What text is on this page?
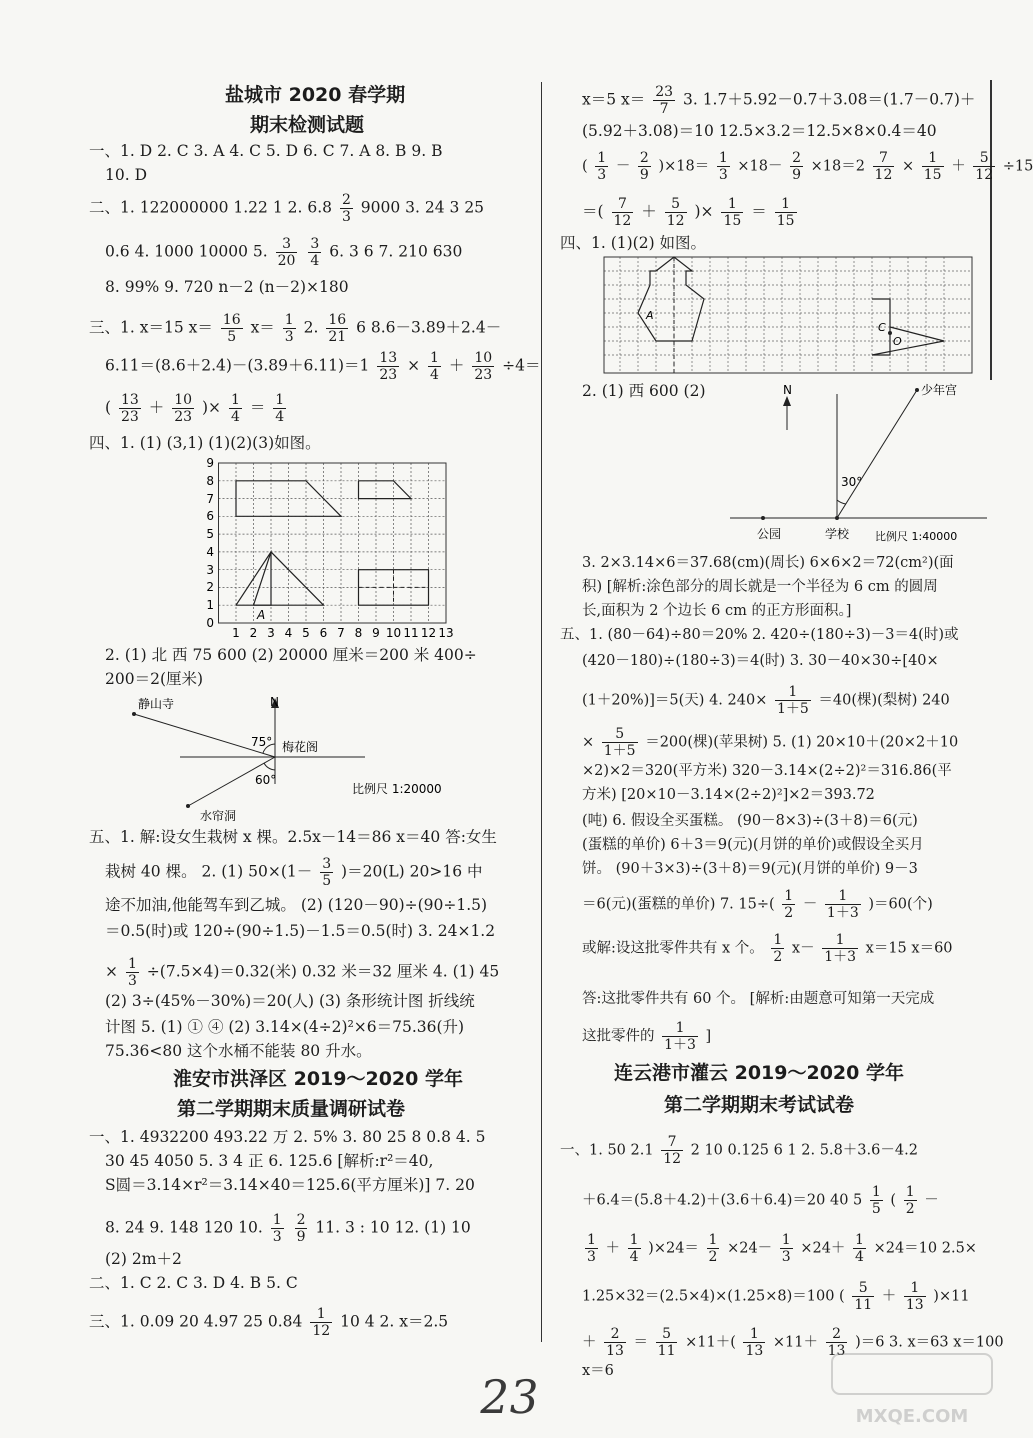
盐城市 2020 春学期
期末检测试题
一、1. D 2. C 3. A 4. C 5. D 6. C 7. A 8. B 9. B
10. D
二、1. 122000000 1.22 1 2. $6.8 \frac{2}{3} 9000$ 3. 24 3 25
0.6 4. 1000 10000 5. $\frac{3}{20}$
$\frac{3}{4} 6$. 3 6 7. 210 630
8. 99% 9. 720 n－2 (n－2)×180
三、1. x＝15 $x= \frac{16}{5} x= \frac{1}{3} 2$. $\frac{16}{21} 6$ 8.6－3.89＋2.4－
$6.11=(8.6+2.4)-(3.89+6.11)=1 \frac{13}{23} \times \frac{1}{4} + \frac{10}{23} \div 4=$
( $\frac{13}{23} + \frac{10}{23}$ )× $\frac{1}{4} = \frac{1}{4}$
四、1. (1) (3,1) (1)(2)(3)如图。
A
9
8
7
6
5
4
3
2
1
0
1 2 3 4 5 6 7 8 9 10 11 12 13
2. (1) 北 西 75 600 (2) 20000 厘米＝200 米 400÷
200＝2(厘米)
N
静山寺
梅花阁
水帘洞
75°
60°
比例尺 1:20000
五、1. 解:设女生栽树 x 棵。2.5x－14＝86 x＝40 答:女生
栽树 40 棵。 2. (1) $50\times(1- \frac{3}{5} )=20(L)$ 20>16 中
途不加油,他能驾车到乙城。 (2) (120－90)÷(90÷1.5)
＝0.5(时)或 120÷(90÷1.5)－1.5＝0.5(时) 3. 24×1.2
× $\frac{1}{3} \div(7.5\times 4)=0.32$(米) 0.32 米＝32 厘米 4. (1) 45
(2) 3÷(45%－30%)＝20(人) (3) 条形统计图 折线统
计图 5. (1) ① ④ (2) 3.14×(4÷2)²×6＝75.36(升)
75.36<80 这个水桶不能装 80 升水。
淮安市洪泽区 2019～2020 学年
第二学期期末质量调研试卷
一、1. 4932200 493.22 万 2. 5% 3. 80 25 8 0.8 4. 5
30 45 4050 5. 3 4 正 6. 125.6 [解析:r²＝40,
S圆＝3.14×r²＝3.14×40＝125.6(平方厘米)] 7. 20
8. 24 9. 148 120 10. $\frac{1}{3}$
$\frac{2}{9} 11$. 3 : 10 12. (1) 10
(2) 2m＋2
二、1. C 2. C 3. D 4. B 5. C
三、1. 0.09 20 4.97 25 $0.84 \frac{1}{12} 10$ 4 2. x＝2.5
x＝5 $x= \frac{23}{7} 3$. 1.7＋5.92－0.7＋3.08＝(1.7－0.7)＋
(5.92＋3.08)＝10 12.5×3.2＝12.5×8×0.4＝40
( $\frac{1}{3} - \frac{2}{9} )\times 18= \frac{1}{3} \times 18- \frac{2}{9} \times 18=2 \frac{7}{12} \times \frac{1}{15} + \frac{5}{12} \div 15$
＝( $\frac{7}{12} + \frac{5}{12}$ )× $\frac{1}{15} = \frac{1}{15}$
四、1. (1)(2) 如图。
A
C
O
2. (1) 西 600 (2)	N	少年宫
30°
公园	学校 比例尺 1:40000
3. 2×3.14×6＝37.68(cm)(周长) 6×6×2＝72(cm²)(面
积) [解析:涂色部分的周长就是一个半径为 6 cm 的圆周
长,面积为 2 个边长 6 cm 的正方形面积。]
五、1. (80－64)÷80＝20% 2. 420÷(180÷3)－3＝4(时)或
(420－180)÷(180÷3)＝4(时) 3. 30－40×30÷[40×
(1＋20%)]＝5(天) 4. $240\times \frac{1}{1+5} =40$(棵)(梨树) 240
× $\frac{5}{1+5} =200$(棵)(苹果树) 5. (1) 20×10＋(20×2＋10
×2)×2＝320(平方米) 320－3.14×(2÷2)²＝316.86(平
方米) [20×10－3.14×(2÷2)²]×2＝393.72
(吨) 6. 假设全买蛋糕。 (90－8×3)÷(3＋8)＝6(元)
(蛋糕的单价) 6＋3＝9(元)(月饼的单价)或假设全买月
饼。 (90＋3×3)÷(3＋8)＝9(元)(月饼的单价) 9－3
＝6(元)(蛋糕的单价) 7. $15\div( \frac{1}{2} - \frac{1}{1+3} )=60$(个)
或解:设这批零件共有 x 个。 $\frac{1}{2} x- \frac{1}{1+3} x=15$ x＝60
答:这批零件共有 60 个。 [解析:由题意可知第一天完成
这批零件的 $\frac{1}{1+3}$ ]
连云港市灌云 2019～2020 学年
第二学期期末考试试卷
一、1. 50 $2.1 \frac{7}{12} 2$ 10 0.125 6 1 2. 5.8＋3.6－4.2
＋6.4＝(5.8＋4.2)＋(3.6＋6.4)＝20 40 $5 \frac{1}{5}$ ( $\frac{1}{2}$ －
$\frac{1}{3} + \frac{1}{4} )\times 24= \frac{1}{2} \times 24- \frac{1}{3} \times 24+ \frac{1}{4} \times 24=10$ 2.5×
1.25×32＝(2.5×4)×(1.25×8)＝100 ( $\frac{5}{11} + \frac{1}{13} )\times 11$
＋ $\frac{2}{13} = \frac{5}{11} \times 11+( \frac{1}{13} \times 11+ \frac{2}{13} )=6$ 3. x＝63 x＝100
x＝6
23	MXQE.COM
